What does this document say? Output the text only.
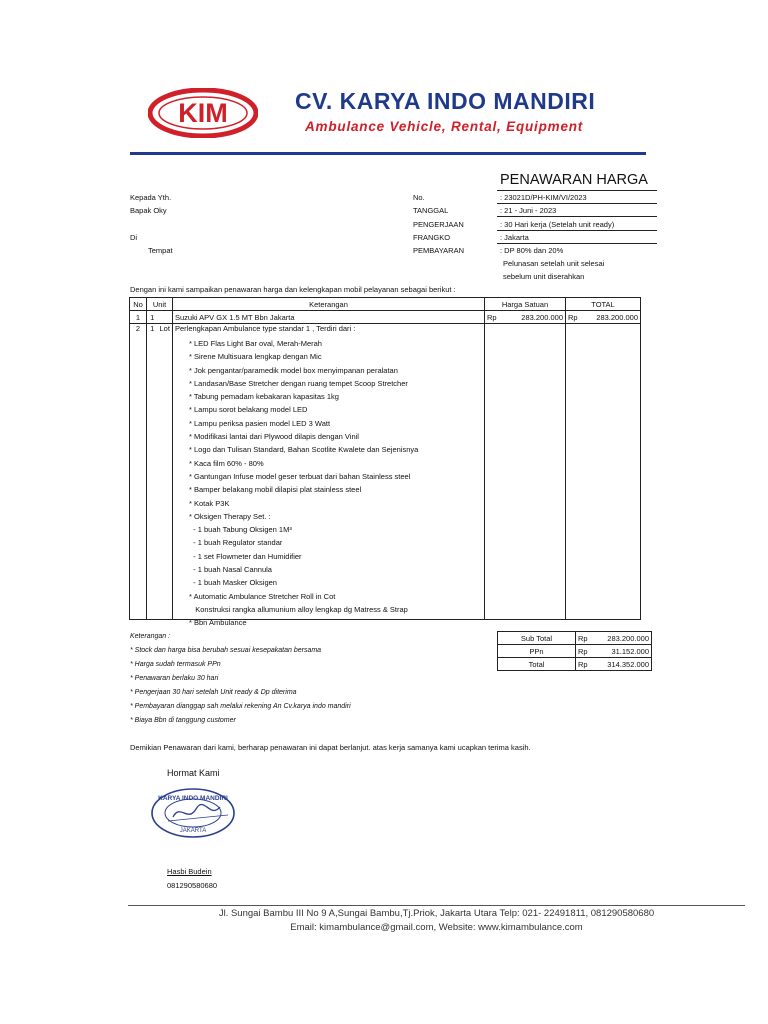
KIM	CV. KARYA INDO MANDIRI
Ambulance Vehicle, Rental, Equipment
PENAWARAN HARGA
Kepada Yth.
Bapak Oky
Di
Tempat
No.	: 23021D/PH-KIM/VI/2023
TANGGAL	: 21 - Juni - 2023
PENGERJAAN	: 30 Hari kerja (Setelah unit ready)
FRANGKO	: Jakarta
PEMBAYARAN	: DP 80% dan 20%
Pelunasan setelah unit selesai
sebelum unit diserahkan
Dengan ini kami sampaikan penawaran harga dan kelengkapan mobil pelayanan sebagai berikut :
No	Unit		Keterangan	Harga Satuan		TOTAL	
1	1		Suzuki APV GX 1.5 MT Bbn Jakarta	Rp	283.200.000	Rp	283.200.000
2	1	Lot	Perlengkapan Ambulance type standar 1 , Terdiri dari :				
* LED Flas Light Bar oval, Merah-Merah
* Sirene Multisuara lengkap dengan Mic
* Jok pengantar/paramedik model box menyimpanan peralatan
* Landasan/Base Stretcher dengan ruang tempet Scoop Stretcher
* Tabung pemadam kebakaran kapasitas 1kg
* Lampu sorot belakang model LED
* Lampu periksa pasien model LED 3 Watt
* Modifikasi lantai dari Plywood dilapis dengan Vinil
* Logo dan Tulisan Standard, Bahan Scotlite Kwalete dan Sejenisnya
* Kaca film 60% - 80%
* Gantungan Infuse model geser terbuat dari bahan Stainless steel
* Bamper belakang mobil dilapisi plat stainless steel
* Kotak P3K
* Oksigen Therapy Set. :
- 1 buah Tabung Oksigen 1M³
- 1 buah Regulator standar
- 1 set Flowmeter dan Humidifier
- 1 buah Nasal Cannula
- 1 buah Masker Oksigen
* Automatic Ambulance Stretcher Roll in Cot
Konstruksi rangka allumunium alloy lengkap dg Matress & Strap
* Bbn Ambulance
Keterangan :
* Stock dan harga bisa berubah sesuai kesepakatan bersama
* Harga sudah termasuk PPn
* Penawaran berlaku 30 hari
* Pengerjaan 30 hari setelah Unit ready & Dp diterima
* Pembayaran dianggap sah melalui rekening An Cv.karya indo mandiri
* Biaya Bbn di tanggung customer
Sub Total	Rp	283.200.000
PPn	Rp	31.152.000
Total	Rp	314.352.000
Demikian Penawaran dari kami, berharap penawaran ini dapat berlanjut. atas kerja samanya kami ucapkan terima kasih.
Hormat Kami
KARYA INDO MANDIRI
JAKARTA
Hasbi Budein
081290580680
Jl. Sungai Bambu III No 9 A,Sungai Bambu,Tj.Priok, Jakarta Utara Telp: 021- 22491811, 081290580680
Email: kimambulance@gmail.com, Website: www.kimambulance.com
